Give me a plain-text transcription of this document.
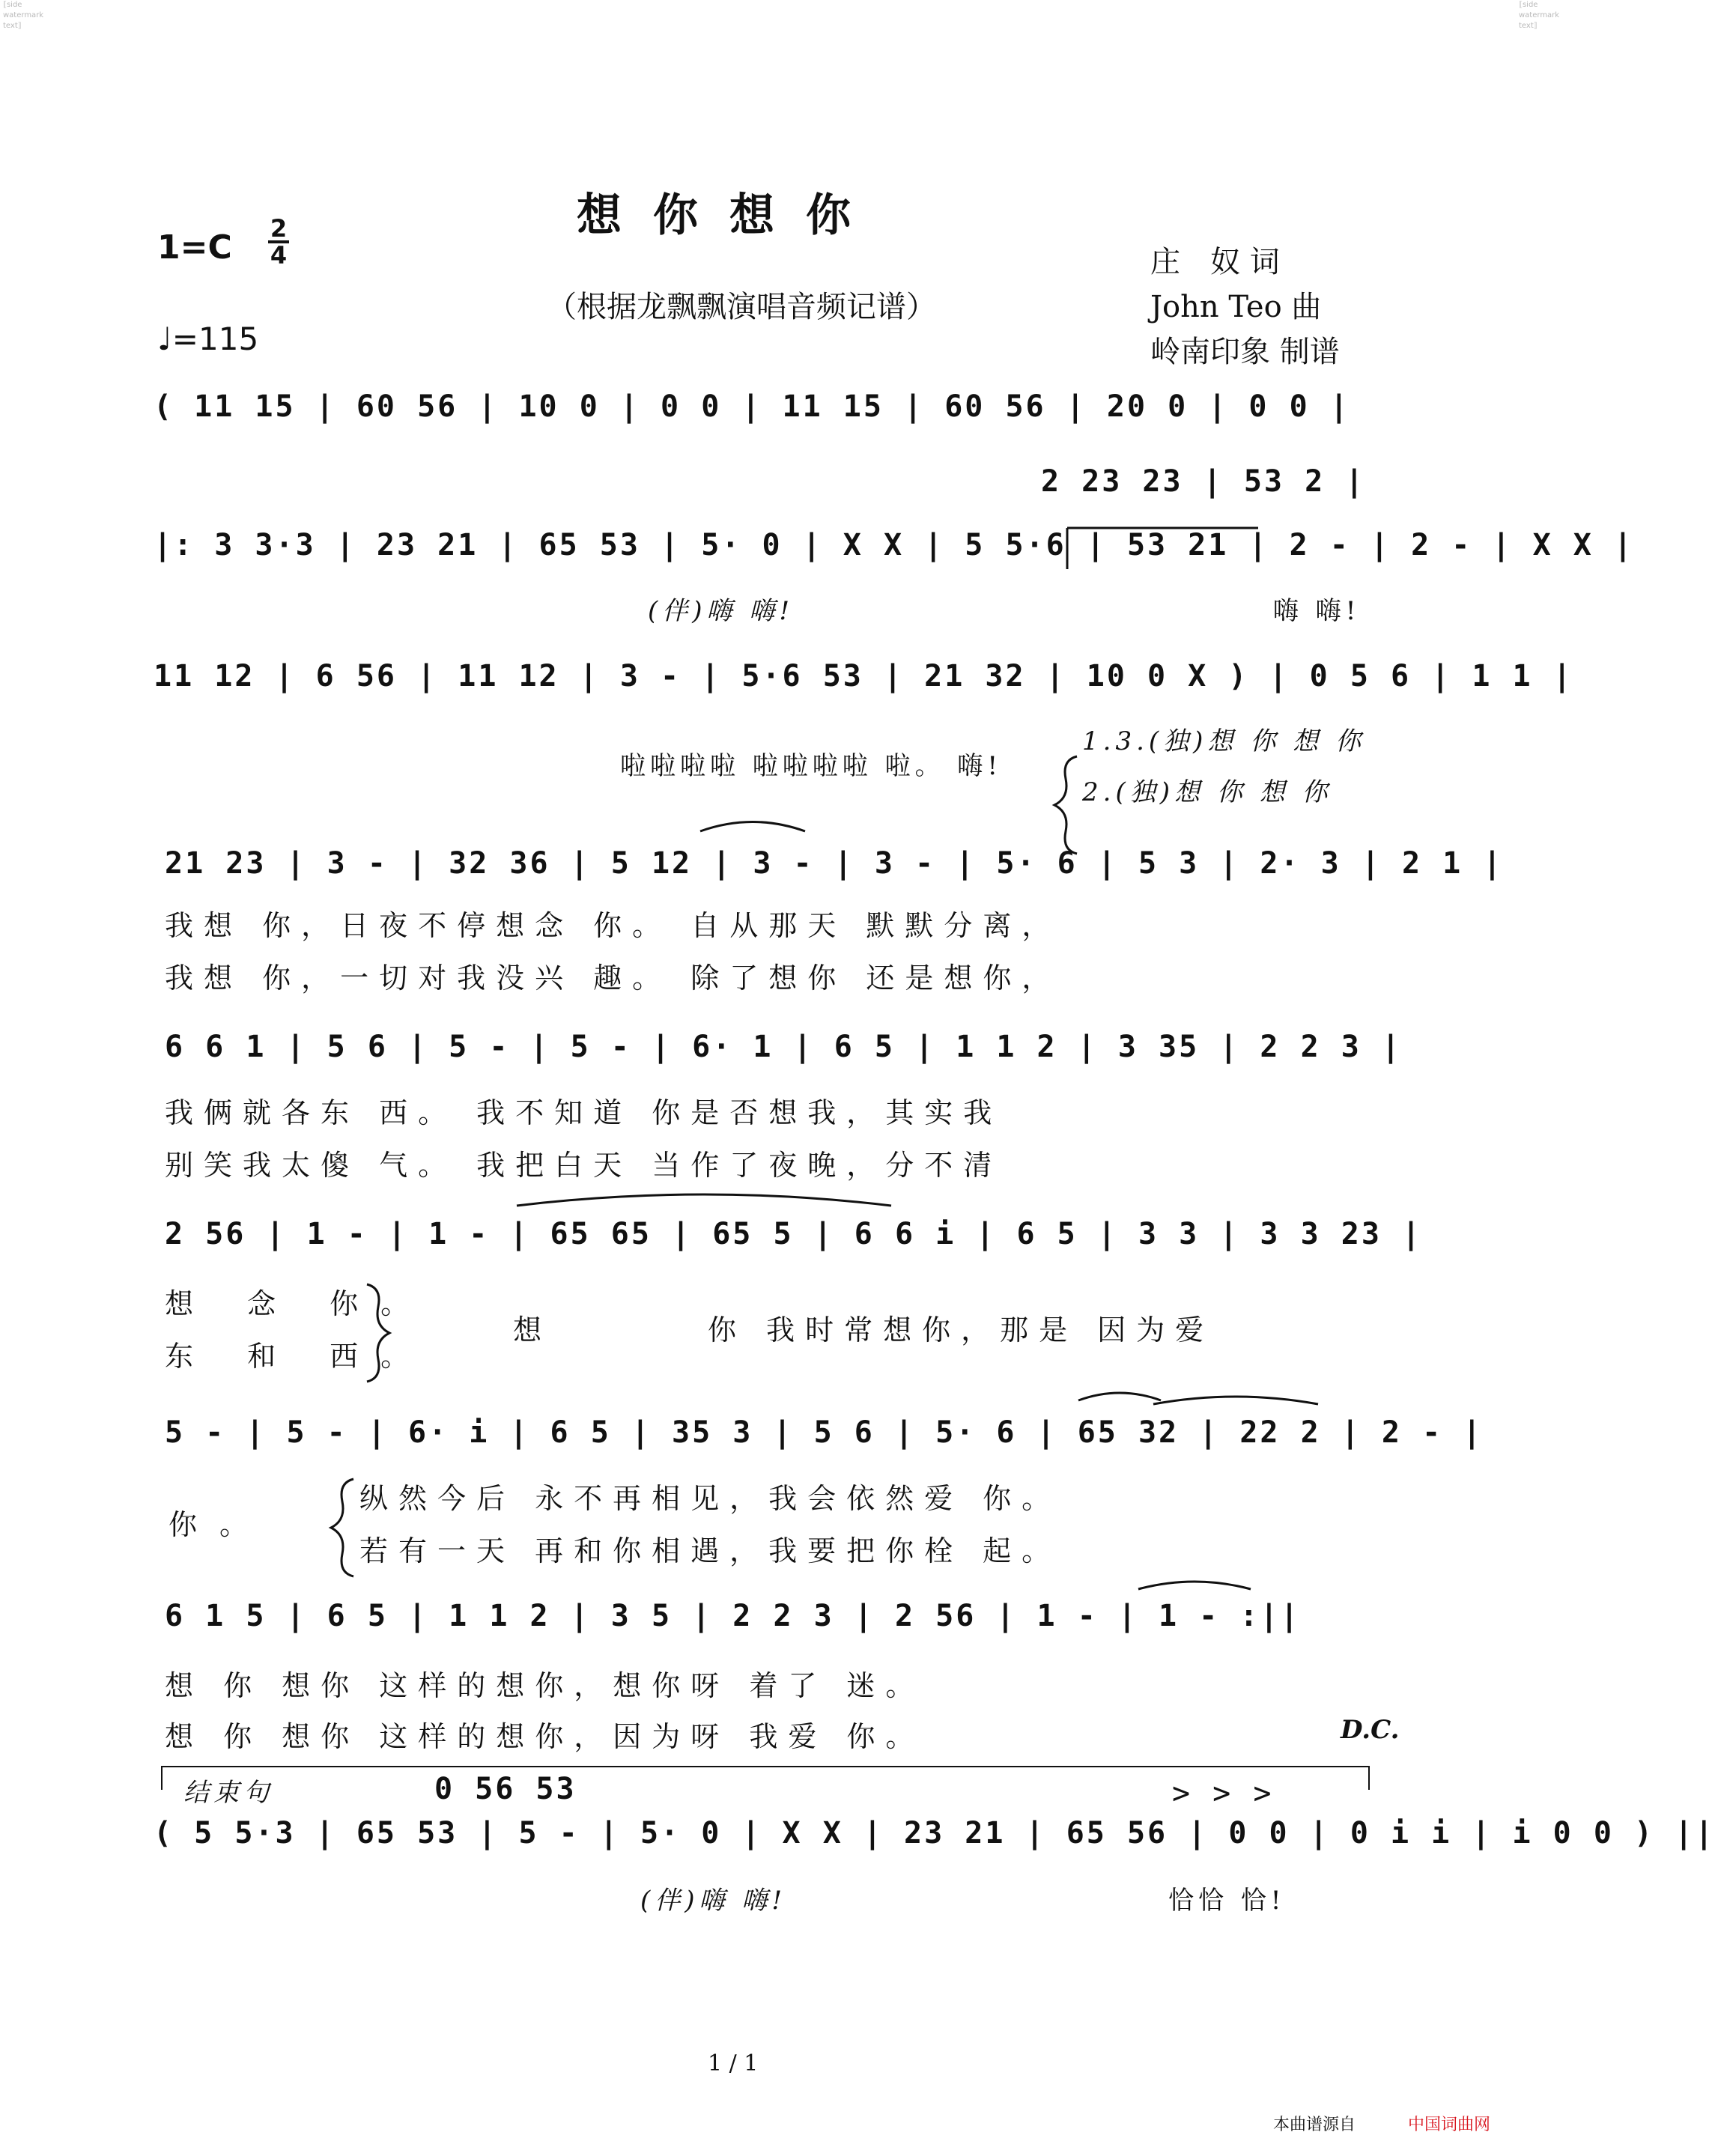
⟦side watermark text⟧
⟦side watermark text⟧
想你想你
1=C 2
4
♩=115
（根据龙飘飘演唱音频记谱）
庄　奴 词
John Teo 曲
岭南印象 制谱
( 11 15 | 60 56 | 10 0 | 0 0 | 11 15 | 60 56 | 20 0 | 0 0 |
2 23 23 | 53 2 |
|: 3 3·3 | 23 21 | 65 53 | 5· 0 | X X | 5 5·6 | 53 21 | 2 - | 2 - | X X |
(伴)嗨 嗨!	嗨 嗨!
11 12 | 6 56 | 11 12 | 3 - | 5·6 53 | 21 32 | 10 0 X ) | 0 5 6 | 1 1 |
啦啦啦啦 啦啦啦啦 啦。 嗨!
1.3.(独)想 你 想 你
2.(独)想 你 想 你
21 23 | 3 - | 32 36 | 5 12 | 3 - | 3 - | 5· 6 | 5 3 | 2· 3 | 2 1 |
我想 你，日夜不停想念 你。 自从那天 默默分离，
我想 你，一切对我没兴 趣。 除了想你 还是想你，
6 6 1 | 5 6 | 5 - | 5 - | 6· 1 | 6 5 | 1 1 2 | 3 35 | 2 2 3 |
我俩就各东 西。 我不知道 你是否想我，其实我
别笑我太傻 气。 我把白天 当作了夜晚，分不清
2 56 | 1 - | 1 - | 65 65 | 65 5 | 6 6 i | 6 5 | 3 3 | 3 3 23 |
想 念 你。
东 和 西。
想　　　　你 我时常想你，那是 因为爱
5 - | 5 - | 6· i | 6 5 | 35 3 | 5 6 | 5· 6 | 65 32 | 22 2 | 2 - |
你。
纵然今后 永不再相见，我会依然爱 你。
若有一天 再和你相遇，我要把你栓 起。
6 1 5 | 6 5 | 1 1 2 | 3 5 | 2 2 3 | 2 56 | 1 - | 1 - :||
想 你 想你 这样的想你，想你呀 着了 迷。
想 你 想你 这样的想你，因为呀 我爱 你。	D.C.
结束句	0 56 53	> > >
( 5 5·3 | 65 53 | 5 - | 5· 0 | X X | 23 21 | 65 56 | 0 0 | 0 i i | i 0 0 ) ||
(伴)嗨 嗨!	恰恰 恰!
1 / 1
本曲谱源自	中国词曲网
